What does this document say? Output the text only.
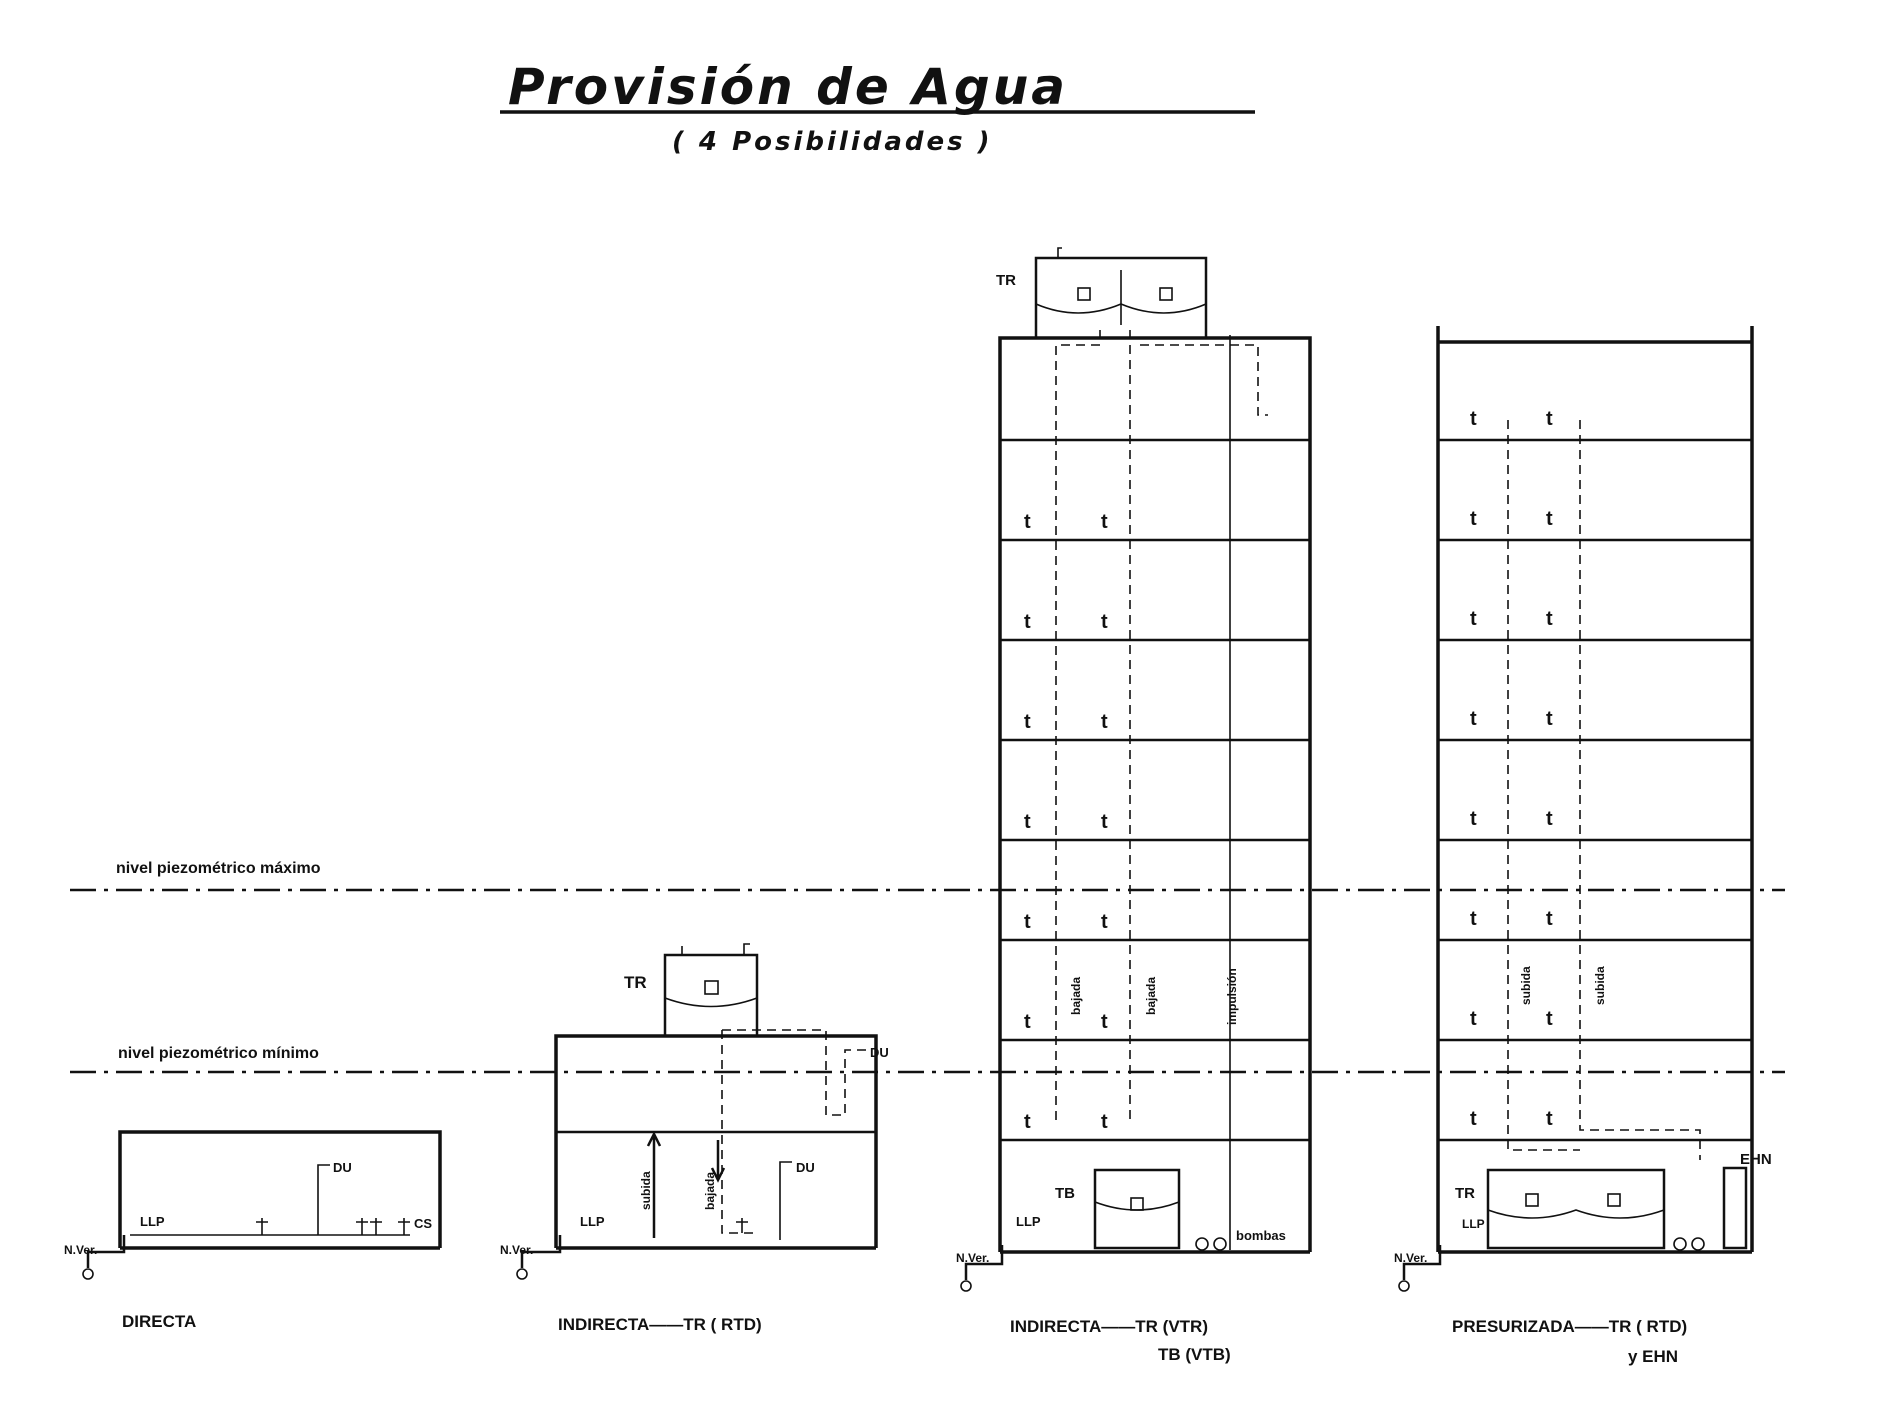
Provisión de Agua
( 4 Posibilidades )
nivel piezométrico máximo
nivel piezométrico mínimo
DU
CS
LLP
N.Ver.
DIRECTA
TR
DU
DU
subida	bajada
LLP
N.Ver.
INDIRECTA——TR ( RTD)
TR
t	t
t	t
t	t
t	t
t	t
t	t
t	t
bajada	bajada	impulsión
TB
bombas
LLP
N.Ver.
INDIRECTA——TR (VTR)
TB (VTB)
t	t
t	t
t	t
t	t
t	t
t	t
t	t
t	t
subida	subida
TR
EHN
LLP
N.Ver.
PRESURIZADA——TR ( RTD)
y EHN
